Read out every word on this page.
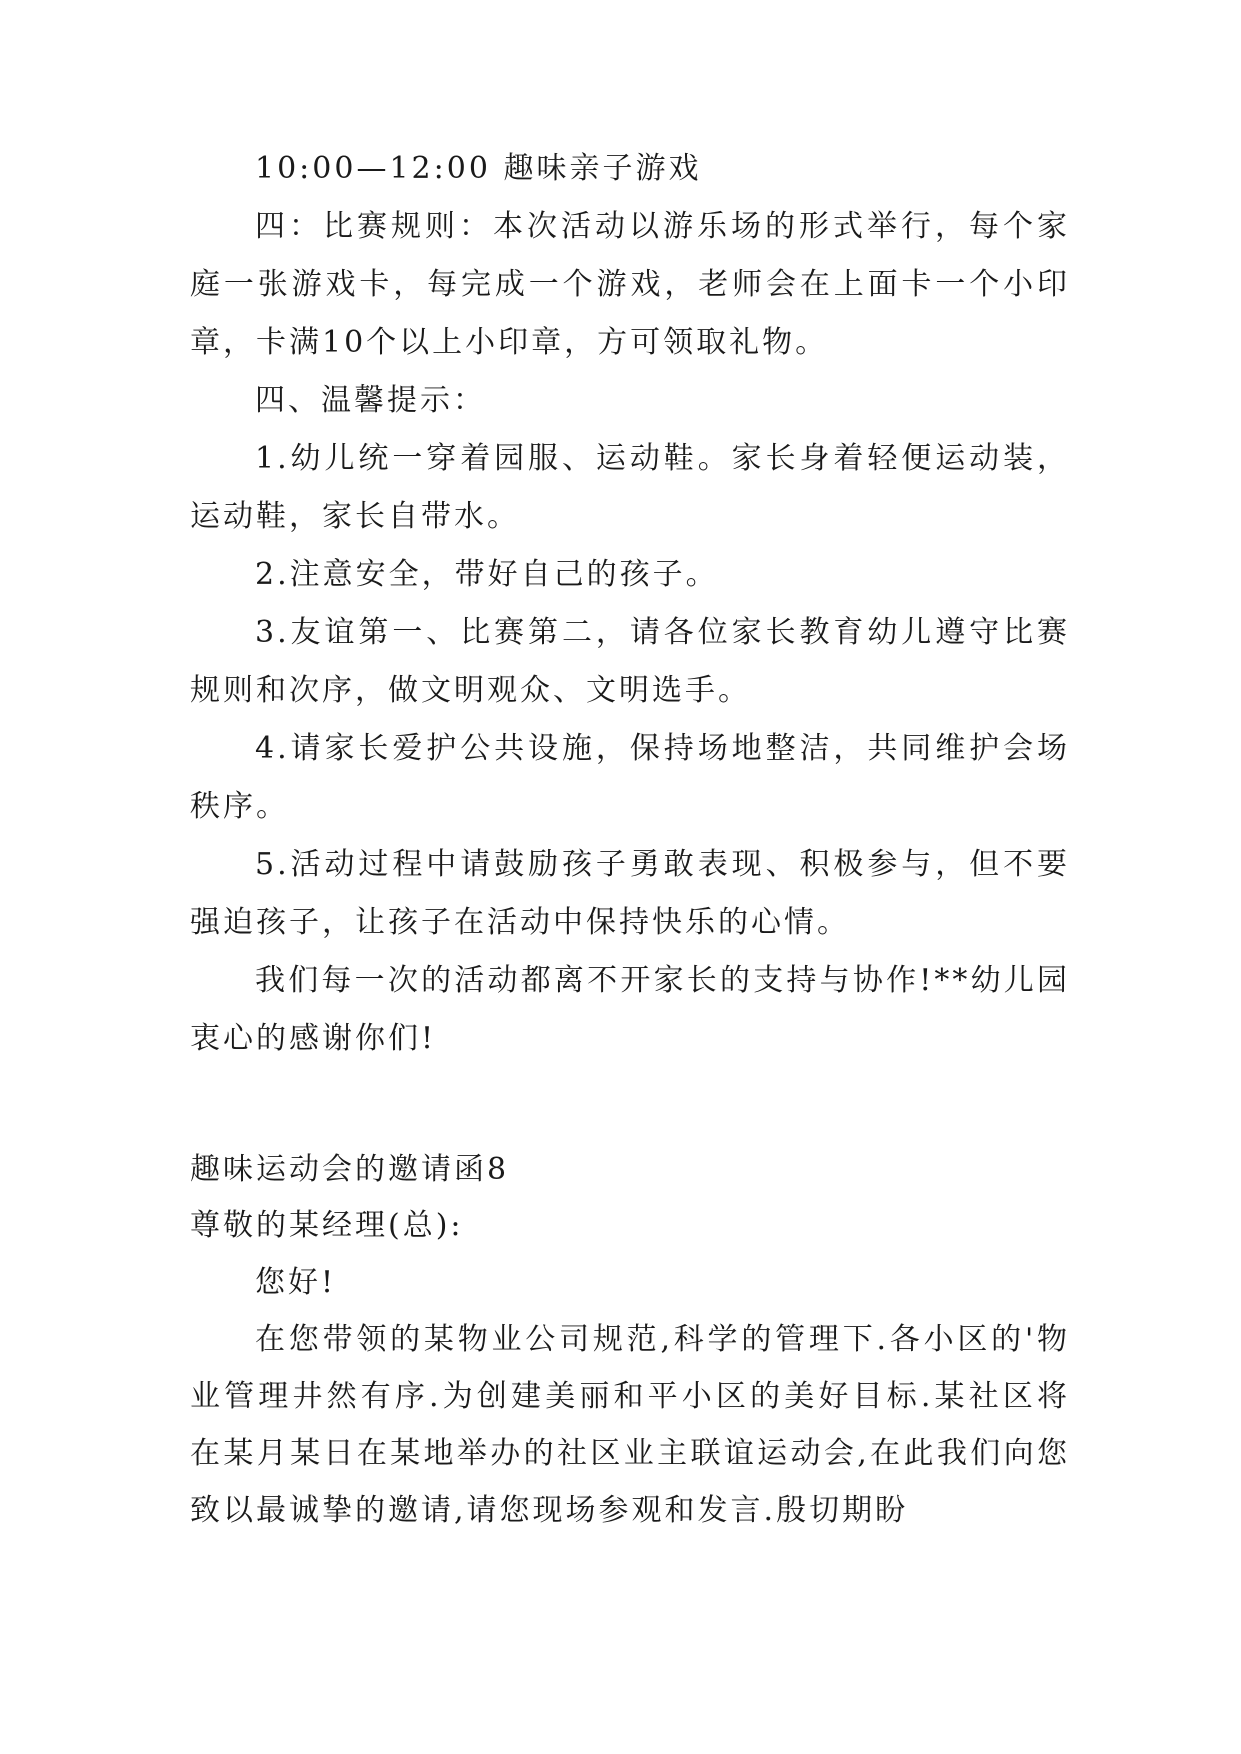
10:00—12:00 趣味亲子游戏

四：比赛规则：本次活动以游乐场的形式举行，每个家庭一张游戏卡，每完成一个游戏，老师会在上面卡一个小印章，卡满10个以上小印章，方可领取礼物。

四、温馨提示：

1.幼儿统一穿着园服、运动鞋。家长身着轻便运动装，运动鞋，家长自带水。

2.注意安全，带好自己的孩子。

3.友谊第一、比赛第二，请各位家长教育幼儿遵守比赛规则和次序，做文明观众、文明选手。

4.请家长爱护公共设施，保持场地整洁，共同维护会场秩序。

5.活动过程中请鼓励孩子勇敢表现、积极参与，但不要强迫孩子，让孩子在活动中保持快乐的心情。

我们每一次的活动都离不开家长的支持与协作!**幼儿园衷心的感谢你们!

趣味运动会的邀请函8

尊敬的某经理(总):

您好!

在您带领的某物业公司规范,科学的管理下.各小区的'物业管理井然有序.为创建美丽和平小区的美好目标.某社区将在某月某日在某地举办的社区业主联谊运动会,在此我们向您致以最诚挚的邀请,请您现场参观和发言.殷切期盼
